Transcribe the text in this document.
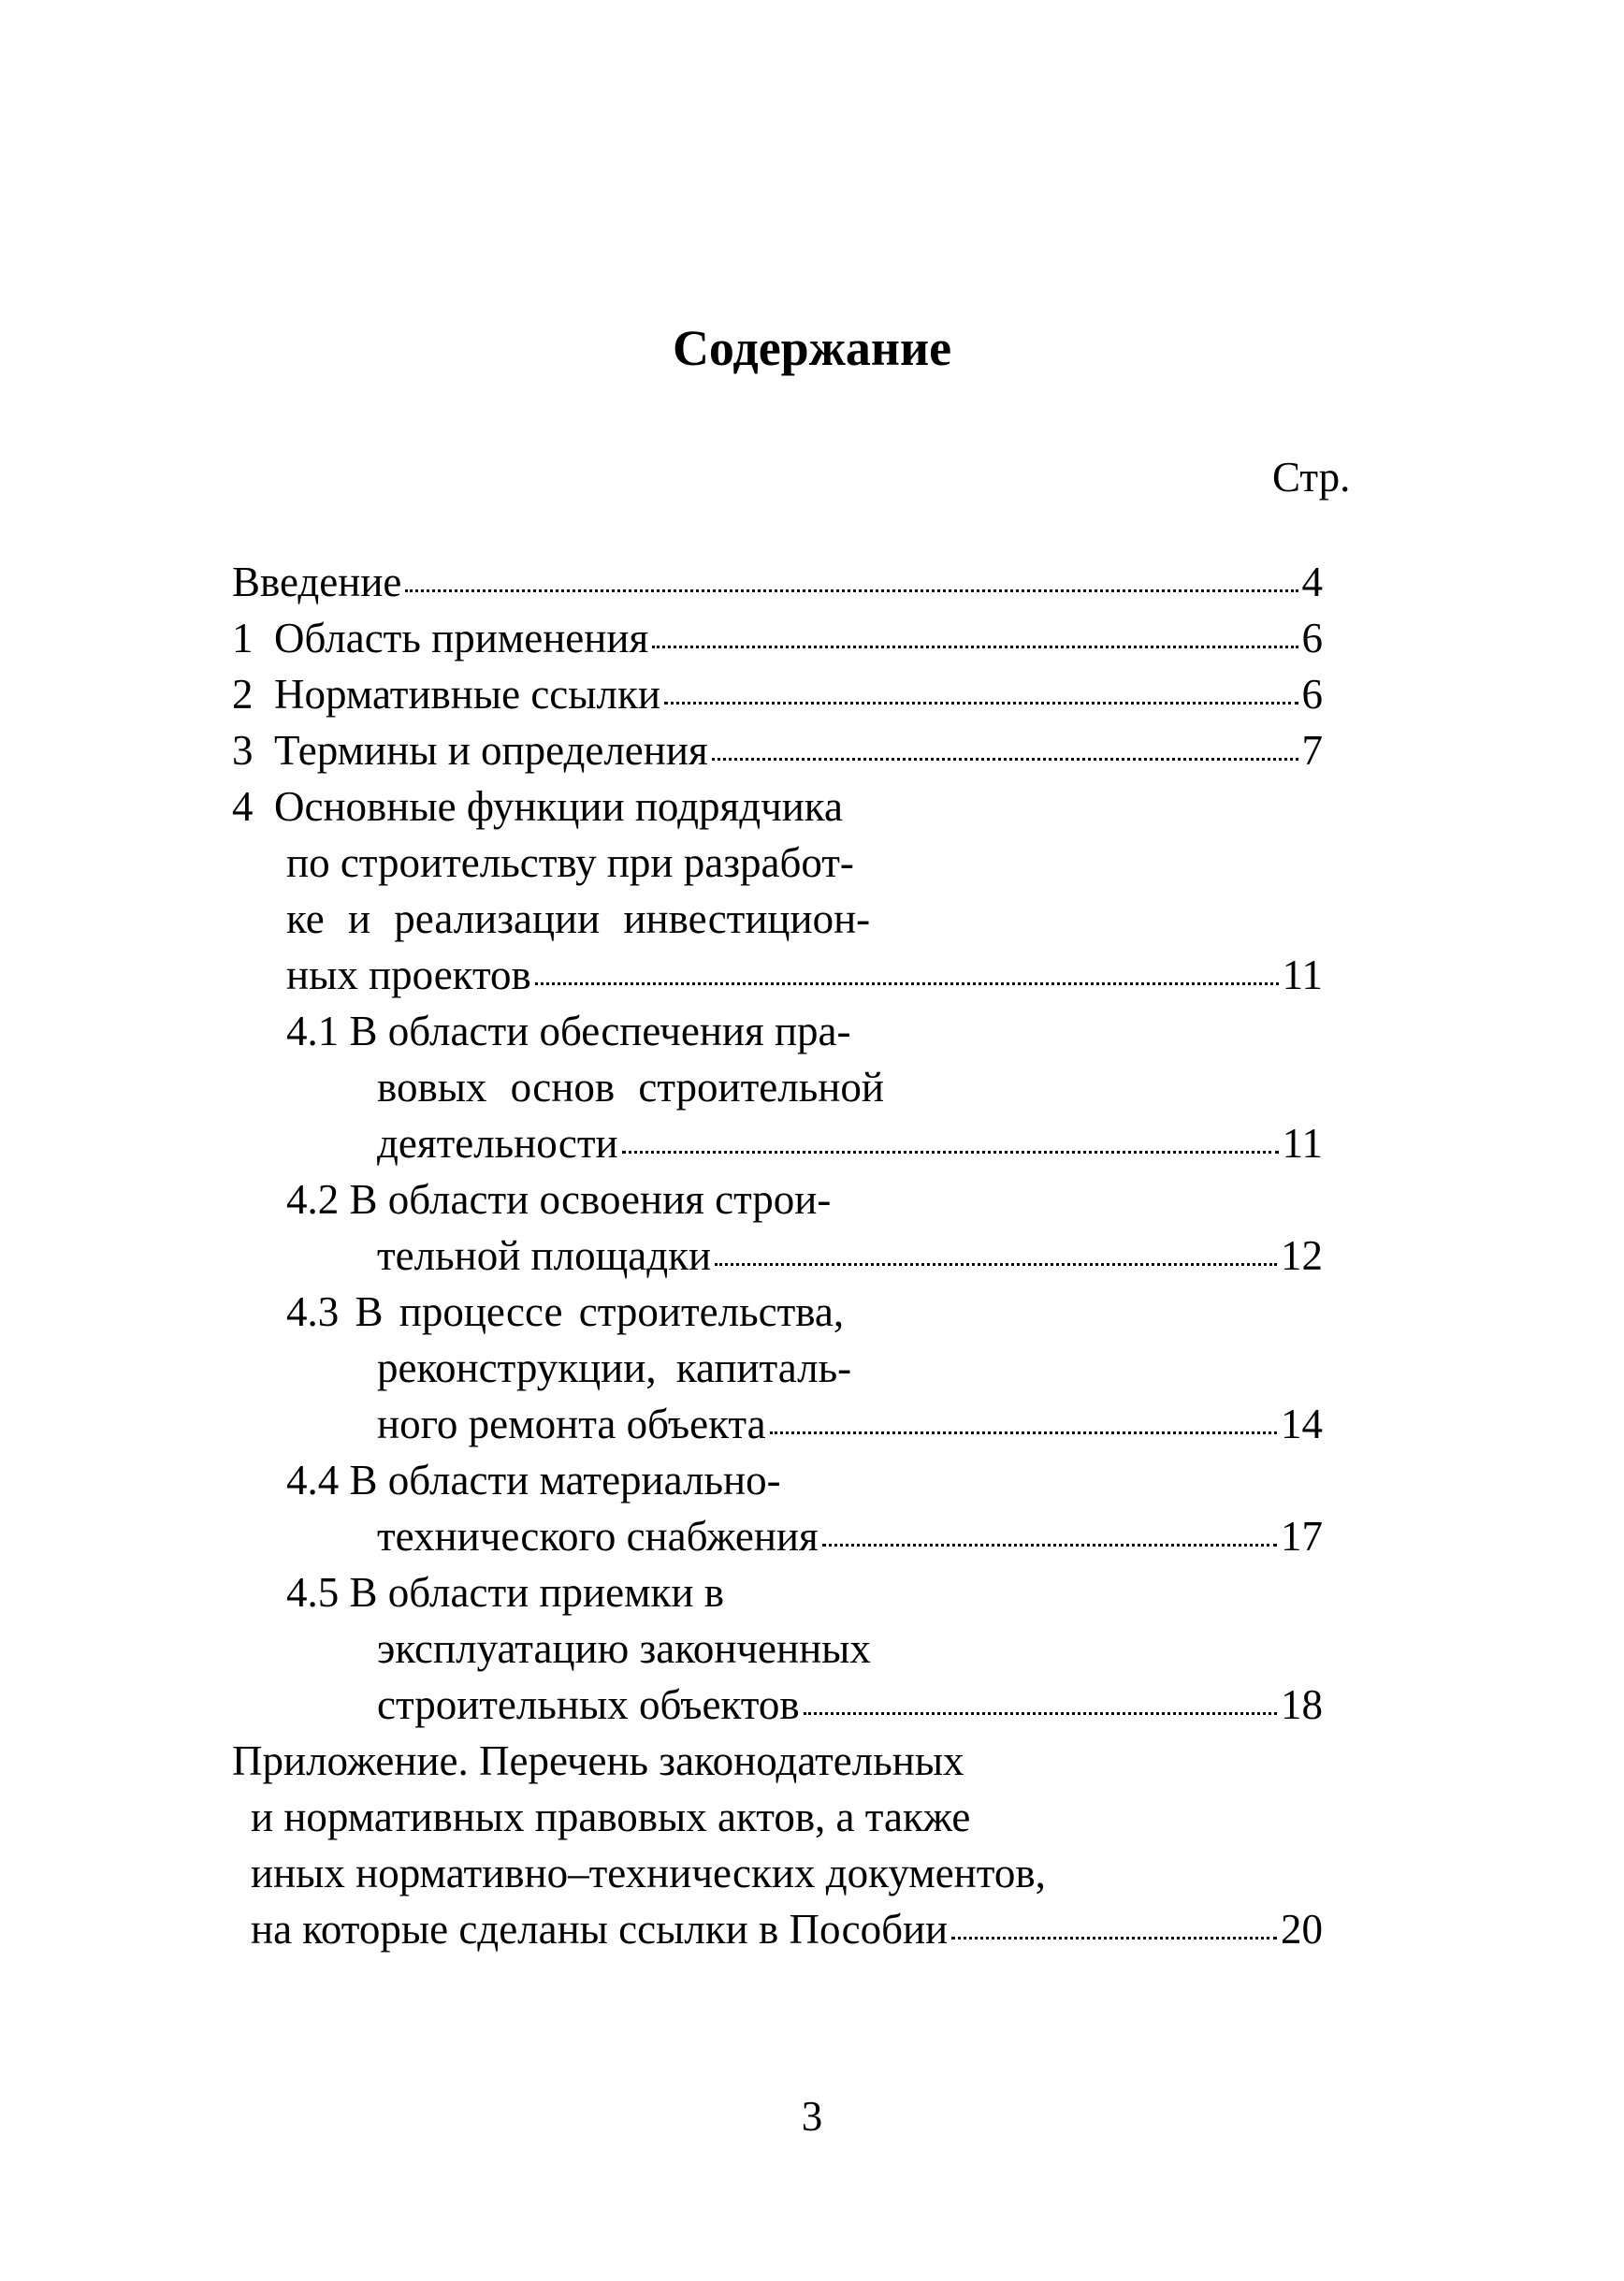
Содержание
Стр.
Введение	4
1  Область применения	6
2  Нормативные ссылки	6
3  Термины и определения	7
4  Основные функции подрядчика
по строительству при разработ-
ке и реализации инвестицион-
ных проектов	11
4.1 В области обеспечения пра-
вовых основ строительной
деятельности	11
4.2 В области освоения строи-
тельной площадки	12
4.3 В процессе строительства,
реконструкции, капиталь-
ного ремонта объекта	14
4.4 В области материально-
технического снабжения	17
4.5 В области приемки в
эксплуатацию законченных
строительных объектов	18
Приложение. Перечень законодательных
и нормативных правовых актов, а также
иных нормативно–технических документов,
на которые сделаны ссылки в Пособии	20
3
